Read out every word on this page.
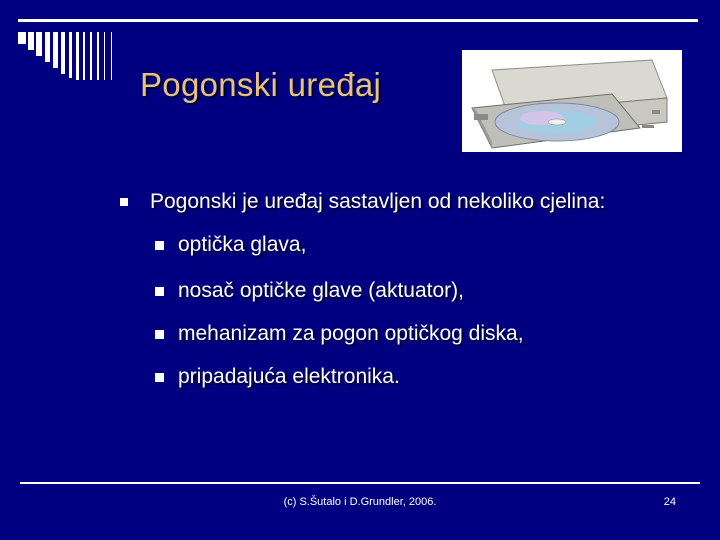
Pogonski uređaj
Pogonski je uređaj sastavljen od nekoliko cjelina:
optička glava,
nosač optičke glave (aktuator),
mehanizam za pogon optičkog diska,
pripadajuća elektronika.
(c) S.Šutalo i D.Grundler, 2006.	24
